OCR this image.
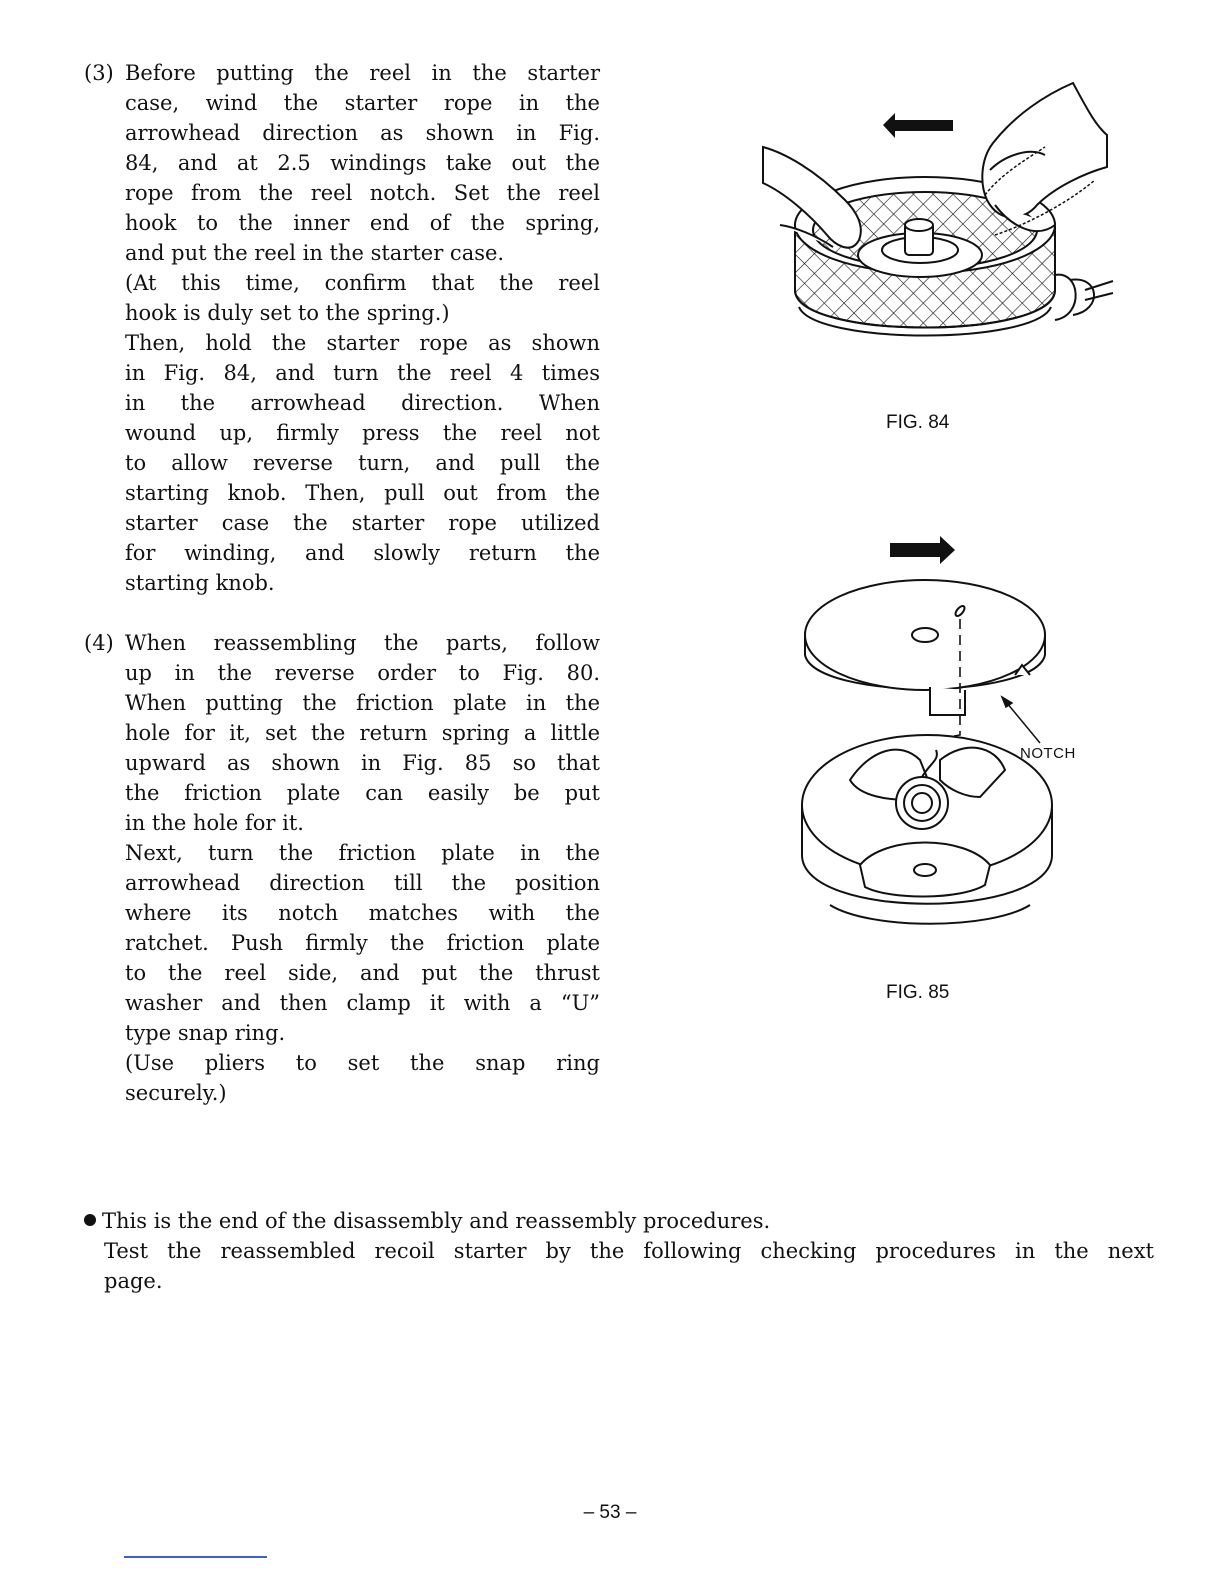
(3) Before putting the reel in the starter
case, wind the starter rope in the
arrowhead direction as shown in Fig.
84, and at 2.5 windings take out the
rope from the reel notch. Set the reel
hook to the inner end of the spring,
and put the reel in the starter case.
(At this time, confirm that the reel
hook is duly set to the spring.)
Then, hold the starter rope as shown
in Fig. 84, and turn the reel 4 times
in the arrowhead direction. When
wound up, firmly press the reel not
to allow reverse turn, and pull the
starting knob. Then, pull out from the
starter case the starter rope utilized
for winding, and slowly return the
starting knob.
(4) When reassembling the parts, follow
up in the reverse order to Fig. 80.
When putting the friction plate in the
hole for it, set the return spring a little
upward as shown in Fig. 85 so that
the friction plate can easily be put
in the hole for it.
Next, turn the friction plate in the
arrowhead direction till the position
where its notch matches with the
ratchet. Push firmly the friction plate
to the reel side, and put the thrust
washer and then clamp it with a “U”
type snap ring.
(Use pliers to set the snap ring
securely.)
FIG. 84
NOTCH
FIG. 85
This is the end of the disassembly and reassembly procedures.
Test the reassembled recoil starter by the following checking procedures in the next
page.
– 53 –
